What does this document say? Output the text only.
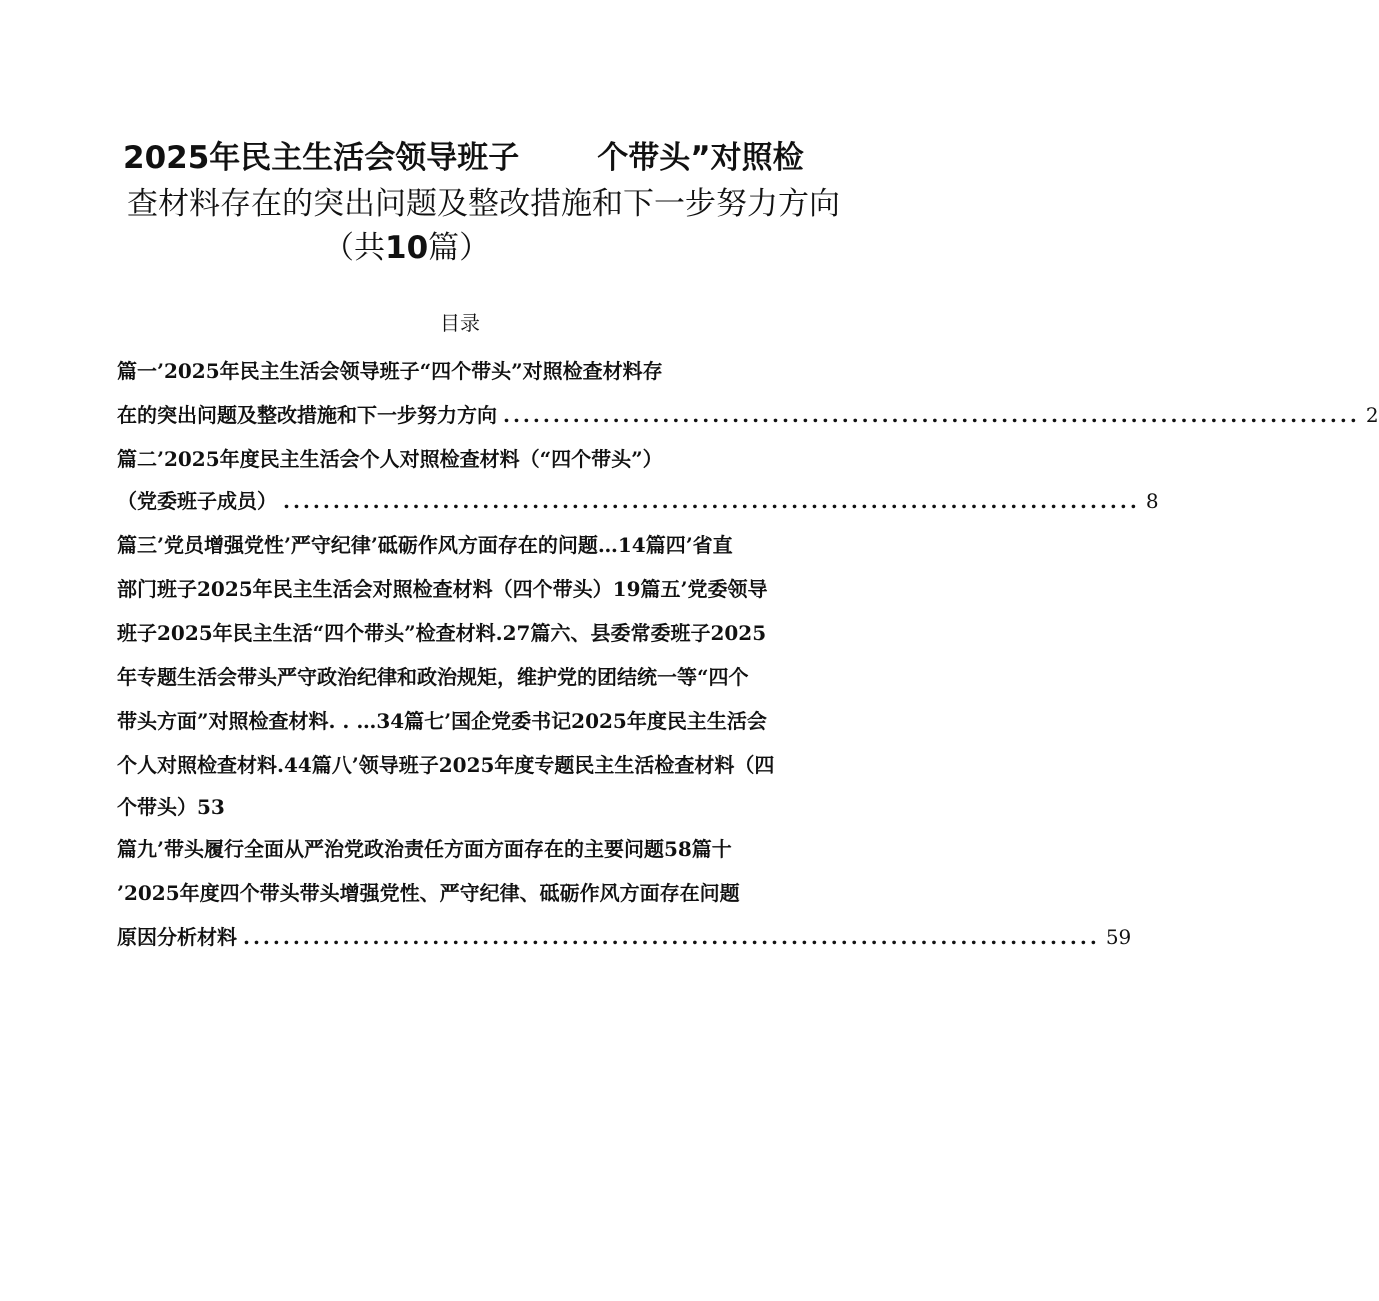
2025年民主生活会领导班子	个带头”对照检
查材料存在的突出问题及整改措施和下一步努力方向
（共10篇）
目录
篇一’2025年民主生活会领导班子“四个带头”对照检查材料存
在的突出问题及整改措施和下一步努力方向 ...................................................................................... 2
篇二’2025年度民主生活会个人对照检查材料（“四个带头”）
（党委班子成员） ...................................................................................... 8
篇三’党员增强党性’严守纪律’砥砺作风方面存在的问题…14篇四’省直
部门班子2025年民主生活会对照检查材料（四个带头）19篇五’党委领导
班子2025年民主生活“四个带头”检查材料.27篇六、县委常委班子2025
年专题生活会带头严守政治纪律和政治规矩，维护党的团结统一等“四个
带头方面”对照检查材料. . …34篇七’国企党委书记2025年度民主生活会
个人对照检查材料.44篇八’领导班子2025年度专题民主生活检查材料（四
个带头）53
篇九’带头履行全面从严治党政治责任方面方面存在的主要问题58篇十
’2025年度四个带头带头增强党性、严守纪律、砥砺作风方面存在问题
原因分析材料 ...................................................................................... 59
